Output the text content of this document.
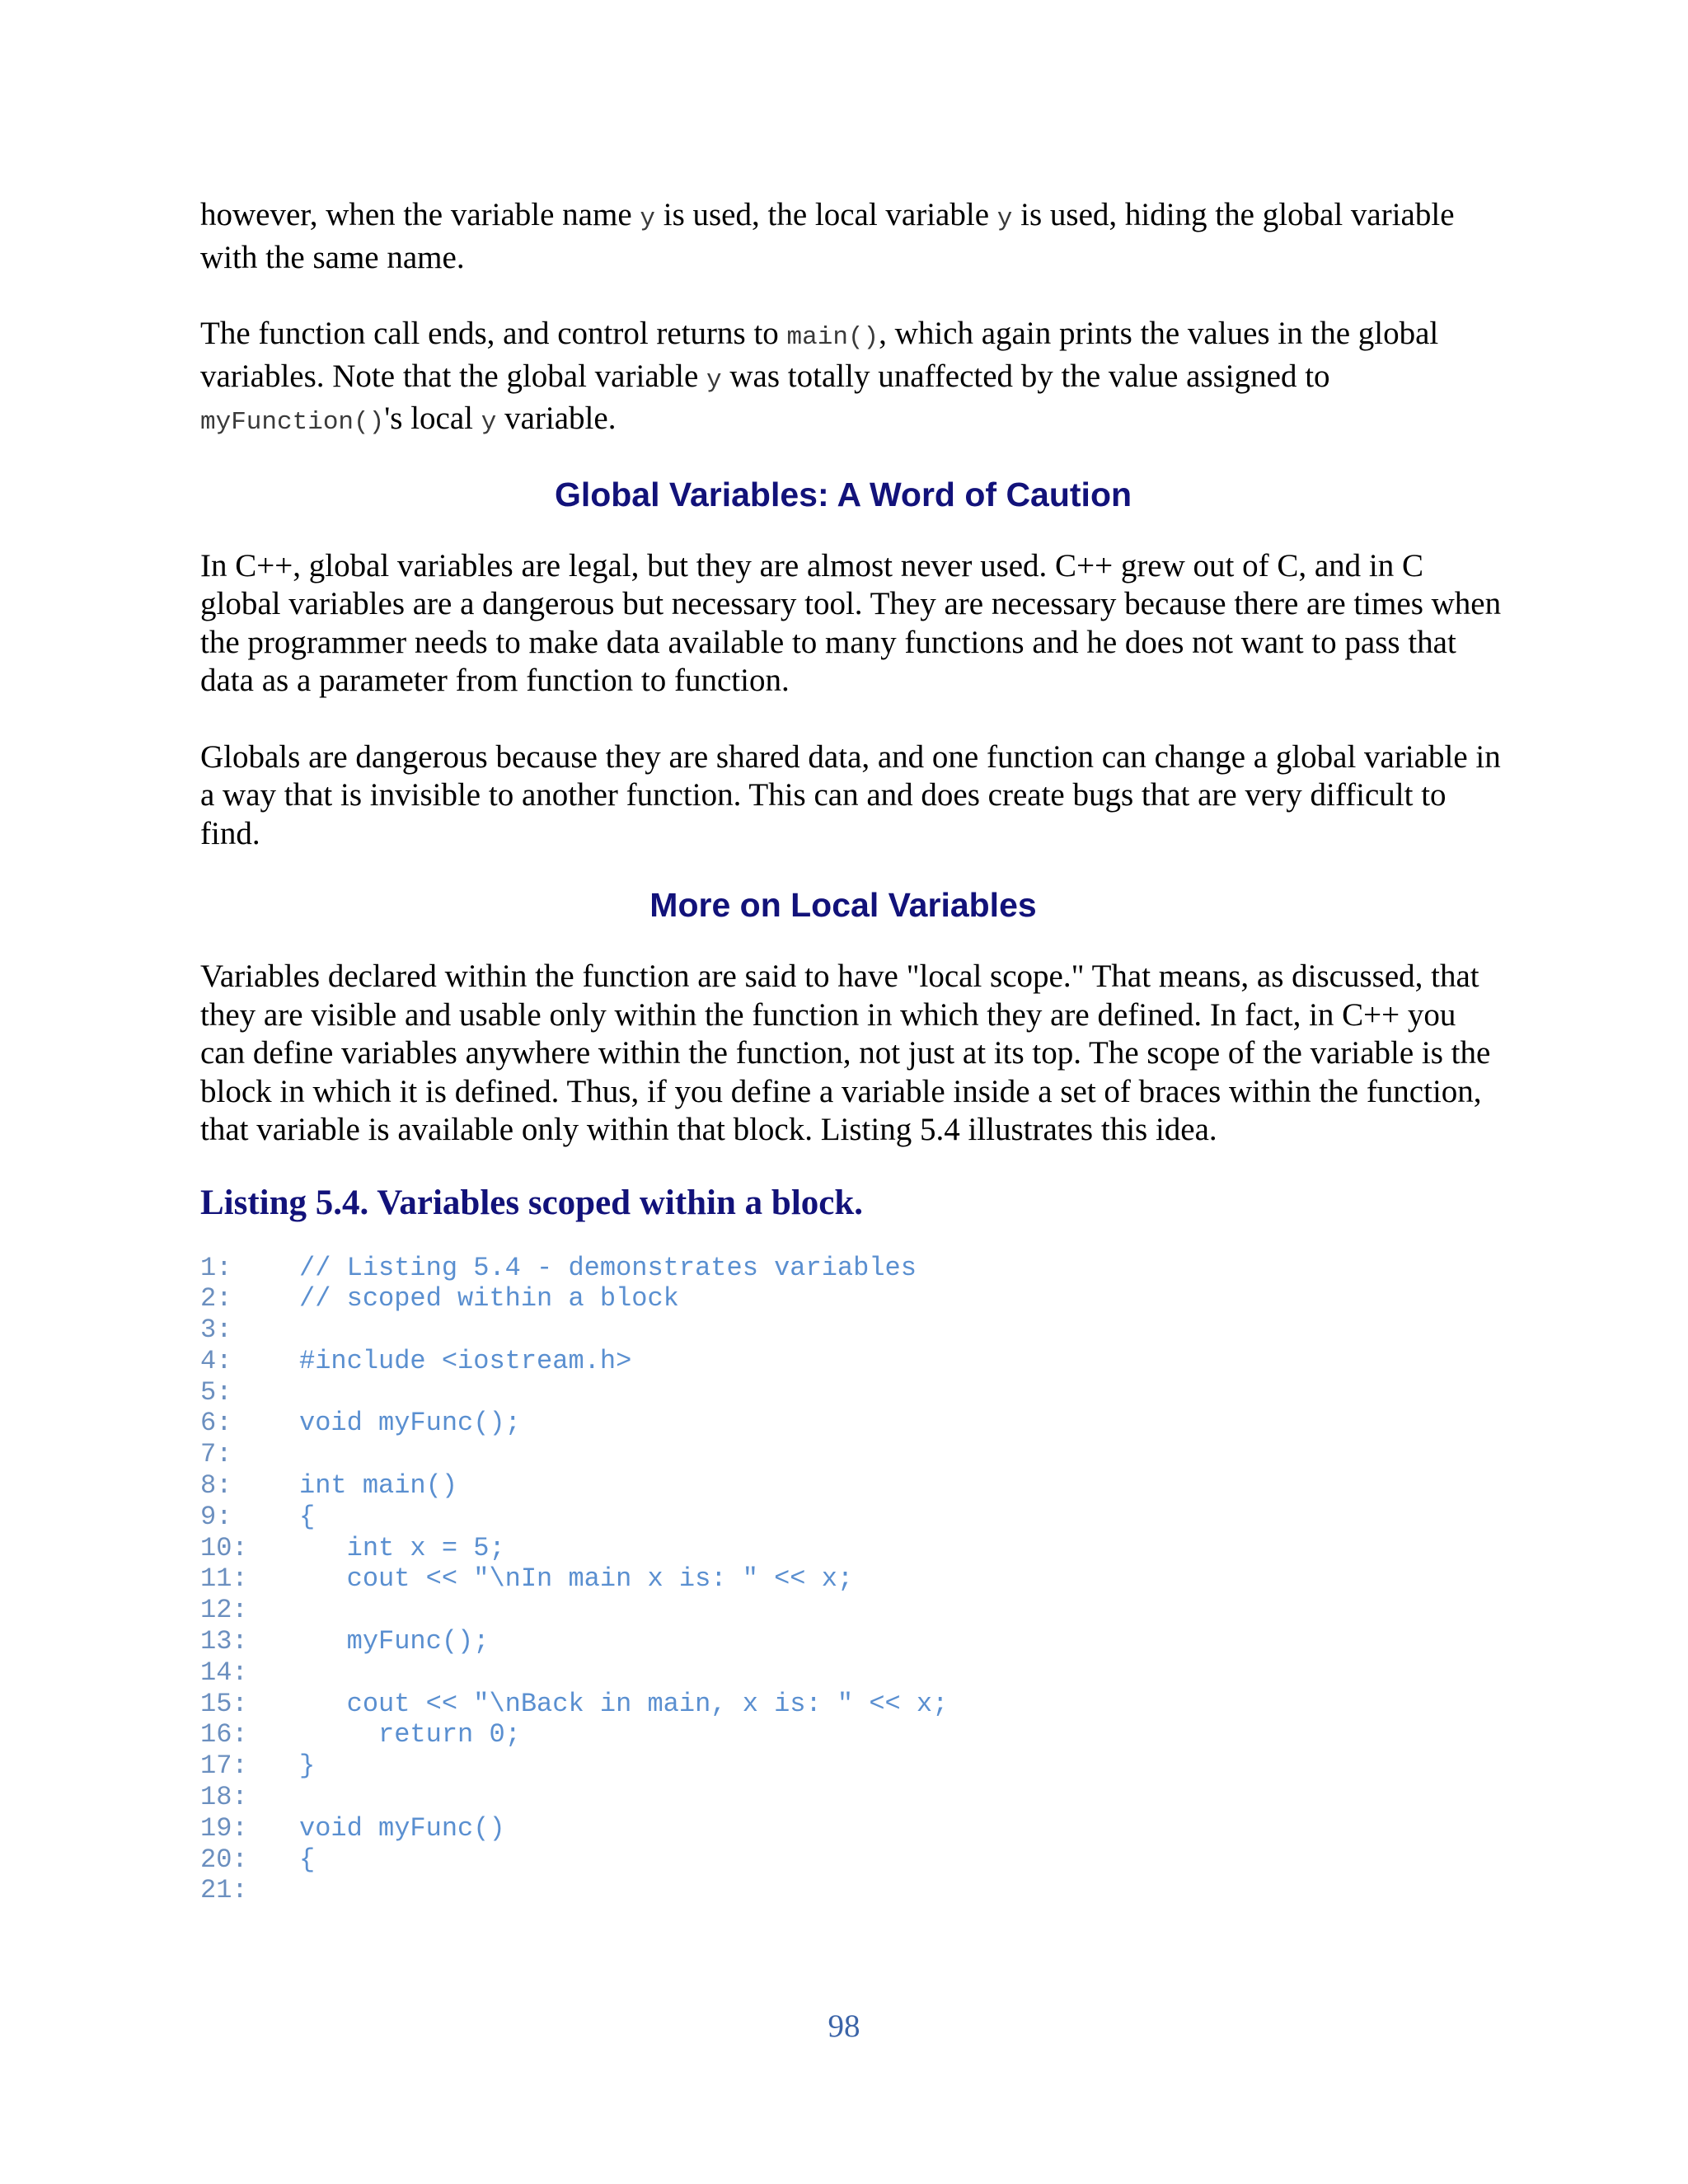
however, when the variable name y is used, the local variable y is used, hiding the global variable with the same name.

The function call ends, and control returns to main(), which again prints the values in the global variables. Note that the global variable y was totally unaffected by the value assigned to myFunction()'s local y variable.

Global Variables: A Word of Caution

In C++, global variables are legal, but they are almost never used. C++ grew out of C, and in C global variables are a dangerous but necessary tool. They are necessary because there are times when the programmer needs to make data available to many functions and he does not want to pass that data as a parameter from function to function.

Globals are dangerous because they are shared data, and one function can change a global variable in a way that is invisible to another function. This can and does create bugs that are very difficult to find.

More on Local Variables

Variables declared within the function are said to have "local scope." That means, as discussed, that they are visible and usable only within the function in which they are defined. In fact, in C++ you can define variables anywhere within the function, not just at its top. The scope of the variable is the block in which it is defined. Thus, if you define a variable inside a set of braces within the function, that variable is available only within that block. Listing 5.4 illustrates this idea.

Listing 5.4. Variables scoped within a block.
1:	// Listing 5.4 - demonstrates variables
2:	// scoped within a block
3:
4:	#include <iostream.h>
5:
6:	void myFunc();
7:
8:	int main()
9:	{
10:	int x = 5;
11:	cout << "\nIn main x is: " << x;
12:
13:	myFunc();
14:
15:	cout << "\nBack in main, x is: " << x;
16:	return 0;
17:	}
18:
19:	void myFunc()
20:	{
21:
98
